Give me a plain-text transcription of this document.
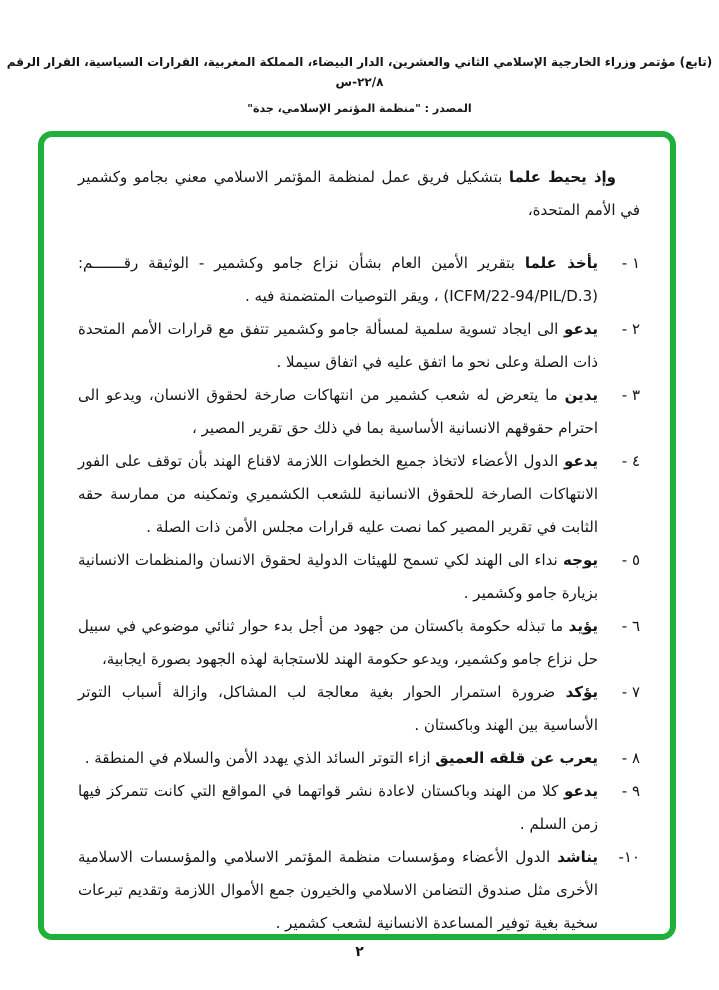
(تابع) مؤتمر وزراء الخارجية الإسلامي الثاني والعشرين، الدار البيضاء، المملكة المغربية، القرارات السياسية، القرار الرقم ٢٢/٨-س
المصدر : "منظمة المؤتمر الإسلامي، جدة"

وإذ يحيط علما بتشكيل فريق عمل لمنظمة المؤتمر الاسلامي معني بجامو وكشمير في الأمم المتحدة،

١ -
يأخذ علما بتقرير الأمين العام بشأن نزاع جامو وكشمير - الوثيقة رقـــــــم: (ICFM/22-94/PIL/D.3) ، ويقر التوصيات المتضمنة فيه .
٢ -
يدعو الى ايجاد تسوية سلمية لمسألة جامو وكشمير تتفق مع قرارات الأمم المتحدة ذات الصلة وعلى نحو ما اتفق عليه في اتفاق سيملا .
٣ -
يدين ما يتعرض له شعب كشمير من انتهاكات صارخة لحقوق الانسان، ويدعو الى احترام حقوقهم الانسانية الأساسية بما في ذلك حق تقرير المصير ،
٤ -
يدعو الدول الأعضاء لاتخاذ جميع الخطوات اللازمة لاقناع الهند بأن توقف على الفور الانتهاكات الصارخة للحقوق الانسانية للشعب الكشميري وتمكينه من ممارسة حقه الثابت في تقرير المصير كما نصت عليه قرارات مجلس الأمن ذات الصلة .
٥ -
يوجه نداء الى الهند لكي تسمح للهيئات الدولية لحقوق الانسان والمنظمات الانسانية بزيارة جامو وكشمير .
٦ -
يؤيد ما تبذله حكومة باكستان من جهود من أجل بدء حوار ثنائي موضوعي في سبيل حل نزاع جامو وكشمير، ويدعو حكومة الهند للاستجابة لهذه الجهود بصورة ايجابية،
٧ -
يؤكد ضرورة استمرار الحوار بغية معالجة لب المشاكل، وازالة أسباب التوتر الأساسية بين الهند وباكستان .
٨ -
يعرب عن قلقه العميق ازاء التوتر السائد الذي يهدد الأمن والسلام في المنطقة .
٩ -
يدعو كلا من الهند وباكستان لاعادة نشر قواتهما في المواقع التي كانت تتمركز فيها زمن السلم .
١٠-
يناشد الدول الأعضاء ومؤسسات منظمة المؤتمر الاسلامي والمؤسسات الاسلامية الأخرى مثل صندوق التضامن الاسلامي والخيرون جمع الأموال اللازمة وتقديم تبرعات سخية بغية توفير المساعدة الانسانية لشعب كشمير .
٢
